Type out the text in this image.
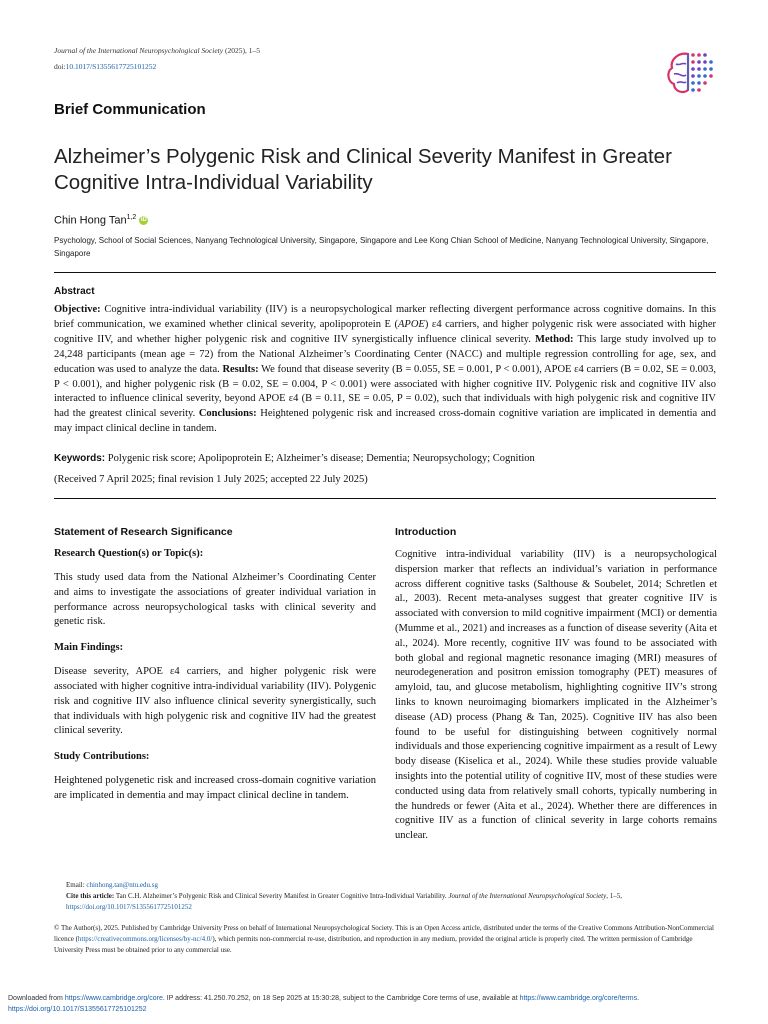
Journal of the International Neuropsychological Society (2025), 1–5
doi:10.1017/S1355617725101252
Brief Communication
Alzheimer’s Polygenic Risk and Clinical Severity Manifest in Greater Cognitive Intra-Individual Variability
Chin Hong Tan$^{1,2}$ iD
Psychology, School of Social Sciences, Nanyang Technological University, Singapore, Singapore and Lee Kong Chian School of Medicine, Nanyang Technological University, Singapore, Singapore
Abstract
Objective: Cognitive intra-individual variability (IIV) is a neuropsychological marker reflecting divergent performance across cognitive domains. In this brief communication, we examined whether clinical severity, apolipoprotein E (APOE) ε4 carriers, and higher polygenic risk were associated with higher cognitive IIV, and whether higher polygenic risk and cognitive IIV synergistically influence clinical severity. Method: This large study involved up to 24,248 participants (mean age = 72) from the National Alzheimer’s Coordinating Center (NACC) and multiple regression controlling for age, sex, and education was used to analyze the data. Results: We found that disease severity (B = 0.055, SE = 0.001, P < 0.001), APOE ε4 carriers (B = 0.02, SE = 0.003, P < 0.001), and higher polygenic risk (B = 0.02, SE = 0.004, P < 0.001) were associated with higher cognitive IIV. Polygenic risk and cognitive IIV also interacted to influence clinical severity, beyond APOE ε4 (B = 0.11, SE = 0.05, P = 0.02), such that individuals with high polygenic risk and cognitive IIV had the greatest clinical severity. Conclusions: Heightened polygenic risk and increased cross-domain cognitive variation are implicated in dementia and may impact clinical decline in tandem.
Keywords: Polygenic risk score; Apolipoprotein E; Alzheimer’s disease; Dementia; Neuropsychology; Cognition
(Received 7 April 2025; final revision 1 July 2025; accepted 22 July 2025)
Statement of Research Significance
Research Question(s) or Topic(s):
This study used data from the National Alzheimer’s Coordinating Center and aims to investigate the associations of greater individual variation in performance across neuropsychological tasks with clinical severity and genetic risk.
Main Findings:
Disease severity, APOE ε4 carriers, and higher polygenic risk were associated with higher cognitive intra-individual variability (IIV). Polygenic risk and cognitive IIV also influence clinical severity synergistically, such that individuals with high polygenic risk and cognitive IIV had the greatest clinical severity.
Study Contributions:
Heightened polygenetic risk and increased cross-domain cognitive variation are implicated in dementia and may impact clinical decline in tandem.
Introduction
Cognitive intra-individual variability (IIV) is a neuropsychological dispersion marker that reflects an individual’s variation in performance across different cognitive tasks (Salthouse & Soubelet, 2014; Schretlen et al., 2003). Recent meta-analyses suggest that greater cognitive IIV is associated with conversion to mild cognitive impairment (MCI) or dementia (Mumme et al., 2021) and increases as a function of disease severity (Aita et al., 2024). More recently, cognitive IIV was found to be associated with both global and regional magnetic resonance imaging (MRI) measures of neurodegeneration and positron emission tomography (PET) measures of amyloid, tau, and glucose metabolism, highlighting cognitive IIV’s strong links to known neuroimaging biomarkers implicated in the Alzheimer’s disease (AD) process (Phang & Tan, 2025). Cognitive IIV has also been found to be useful for distinguishing between cognitively normal individuals and those experiencing cognitive impairment as a result of Lewy body disease (Kiselica et al., 2024). While these studies provide valuable insights into the potential utility of cognitive IIV, most of these studies were conducted using data from relatively small cohorts, typically numbering in the hundreds or fewer (Aita et al., 2024). Whether there are differences in cognitive IIV as a function of clinical severity in large cohorts remains unclear.
Email: chinhong.tan@ntu.edu.sg
Cite this article: Tan C.H. Alzheimer’s Polygenic Risk and Clinical Severity Manifest in Greater Cognitive Intra-Individual Variability. Journal of the International Neuropsychological Society, 1–5, https://doi.org/10.1017/S1355617725101252
© The Author(s), 2025. Published by Cambridge University Press on behalf of International Neuropsychological Society. This is an Open Access article, distributed under the terms of the Creative Commons Attribution-NonCommercial licence (https://creativecommons.org/licenses/by-nc/4.0/), which permits non-commercial re-use, distribution, and reproduction in any medium, provided the original article is properly cited. The written permission of Cambridge University Press must be obtained prior to any commercial use.
Downloaded from https://www.cambridge.org/core. IP address: 41.250.70.252, on 18 Sep 2025 at 15:30:28, subject to the Cambridge Core terms of use, available at https://www.cambridge.org/core/terms.
https://doi.org/10.1017/S1355617725101252
